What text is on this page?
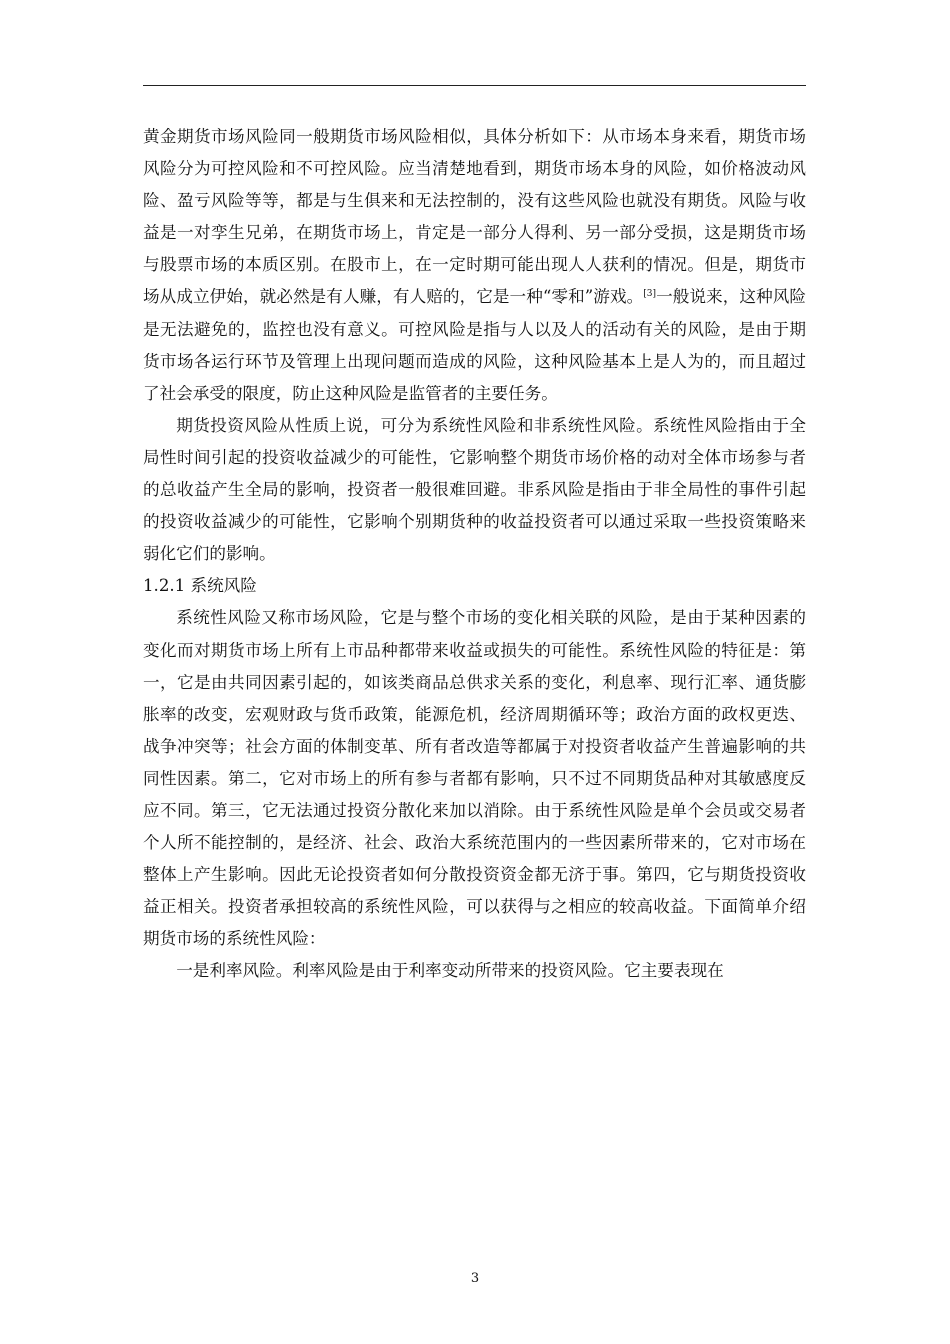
黄金期货市场风险同一般期货市场风险相似，具体分析如下：从市场本身来看，期货市场风险分为可控风险和不可控风险。应当清楚地看到，期货市场本身的风险，如价格波动风险、盈亏风险等等，都是与生俱来和无法控制的，没有这些风险也就没有期货。风险与收益是一对孪生兄弟，在期货市场上，肯定是一部分人得利、另一部分受损，这是期货市场与股票市场的本质区别。在股市上，在一定时期可能出现人人获利的情况。但是，期货市场从成立伊始，就必然是有人赚，有人赔的，它是一种“零和”游戏。[3]一般说来，这种风险是无法避免的，监控也没有意义。可控风险是指与人以及人的活动有关的风险，是由于期货市场各运行环节及管理上出现问题而造成的风险，这种风险基本上是人为的，而且超过了社会承受的限度，防止这种风险是监管者的主要任务。

期货投资风险从性质上说，可分为系统性风险和非系统性风险。系统性风险指由于全局性时间引起的投资收益减少的可能性，它影响整个期货市场价格的动对全体市场参与者的总收益产生全局的影响，投资者一般很难回避。非系风险是指由于非全局性的事件引起的投资收益减少的可能性，它影响个别期货种的收益投资者可以通过采取一些投资策略来弱化它们的影响。

1.2.1 系统风险

系统性风险又称市场风险，它是与整个市场的变化相关联的风险，是由于某种因素的变化而对期货市场上所有上市品种都带来收益或损失的可能性。系统性风险的特征是：第一，它是由共同因素引起的，如该类商品总供求关系的变化，利息率、现行汇率、通货膨胀率的改变，宏观财政与货币政策，能源危机，经济周期循环等；政治方面的政权更迭、战争冲突等；社会方面的体制变革、所有者改造等都属于对投资者收益产生普遍影响的共同性因素。第二，它对市场上的所有参与者都有影响，只不过不同期货品种对其敏感度反应不同。第三，它无法通过投资分散化来加以消除。由于系统性风险是单个会员或交易者个人所不能控制的，是经济、社会、政治大系统范围内的一些因素所带来的，它对市场在整体上产生影响。因此无论投资者如何分散投资资金都无济于事。第四，它与期货投资收益正相关。投资者承担较高的系统性风险，可以获得与之相应的较高收益。下面简单介绍期货市场的系统性风险：

一是利率风险。利率风险是由于利率变动所带来的投资风险。它主要表现在

3
